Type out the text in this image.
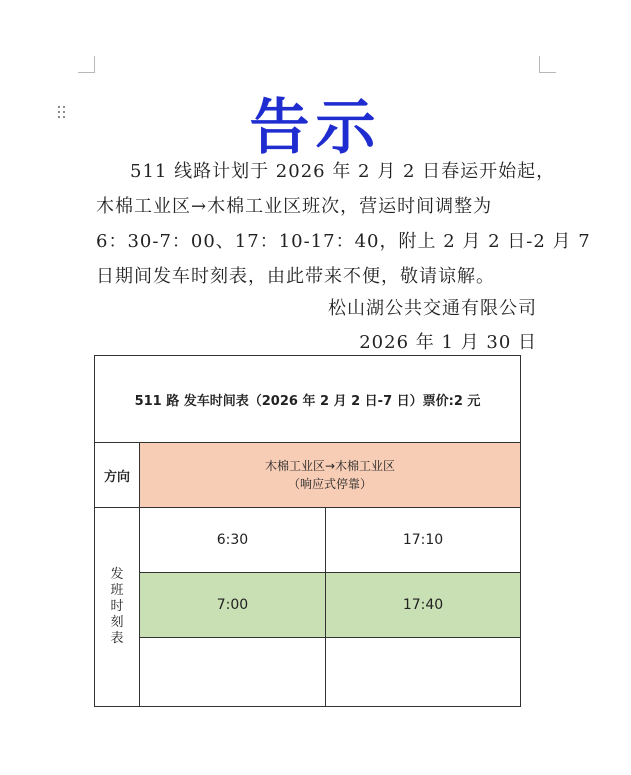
告示
511 线路计划于 2026 年 2 月 2 日春运开始起，
木棉工业区→木棉工业区班次，营运时间调整为
6：30-7：00、17：10-17：40，附上 2 月 2 日-2 月 7
日期间发车时刻表，由此带来不便，敬请谅解。
松山湖公共交通有限公司
2026 年 1 月 30 日
511 路 发车时间表（2026 年 2 月 2 日-7 日）票价:2 元		
方向	木棉工业区→木棉工业区
（响应式停靠）	

发班时刻表	6:30	17:10
	7:00	17:40
